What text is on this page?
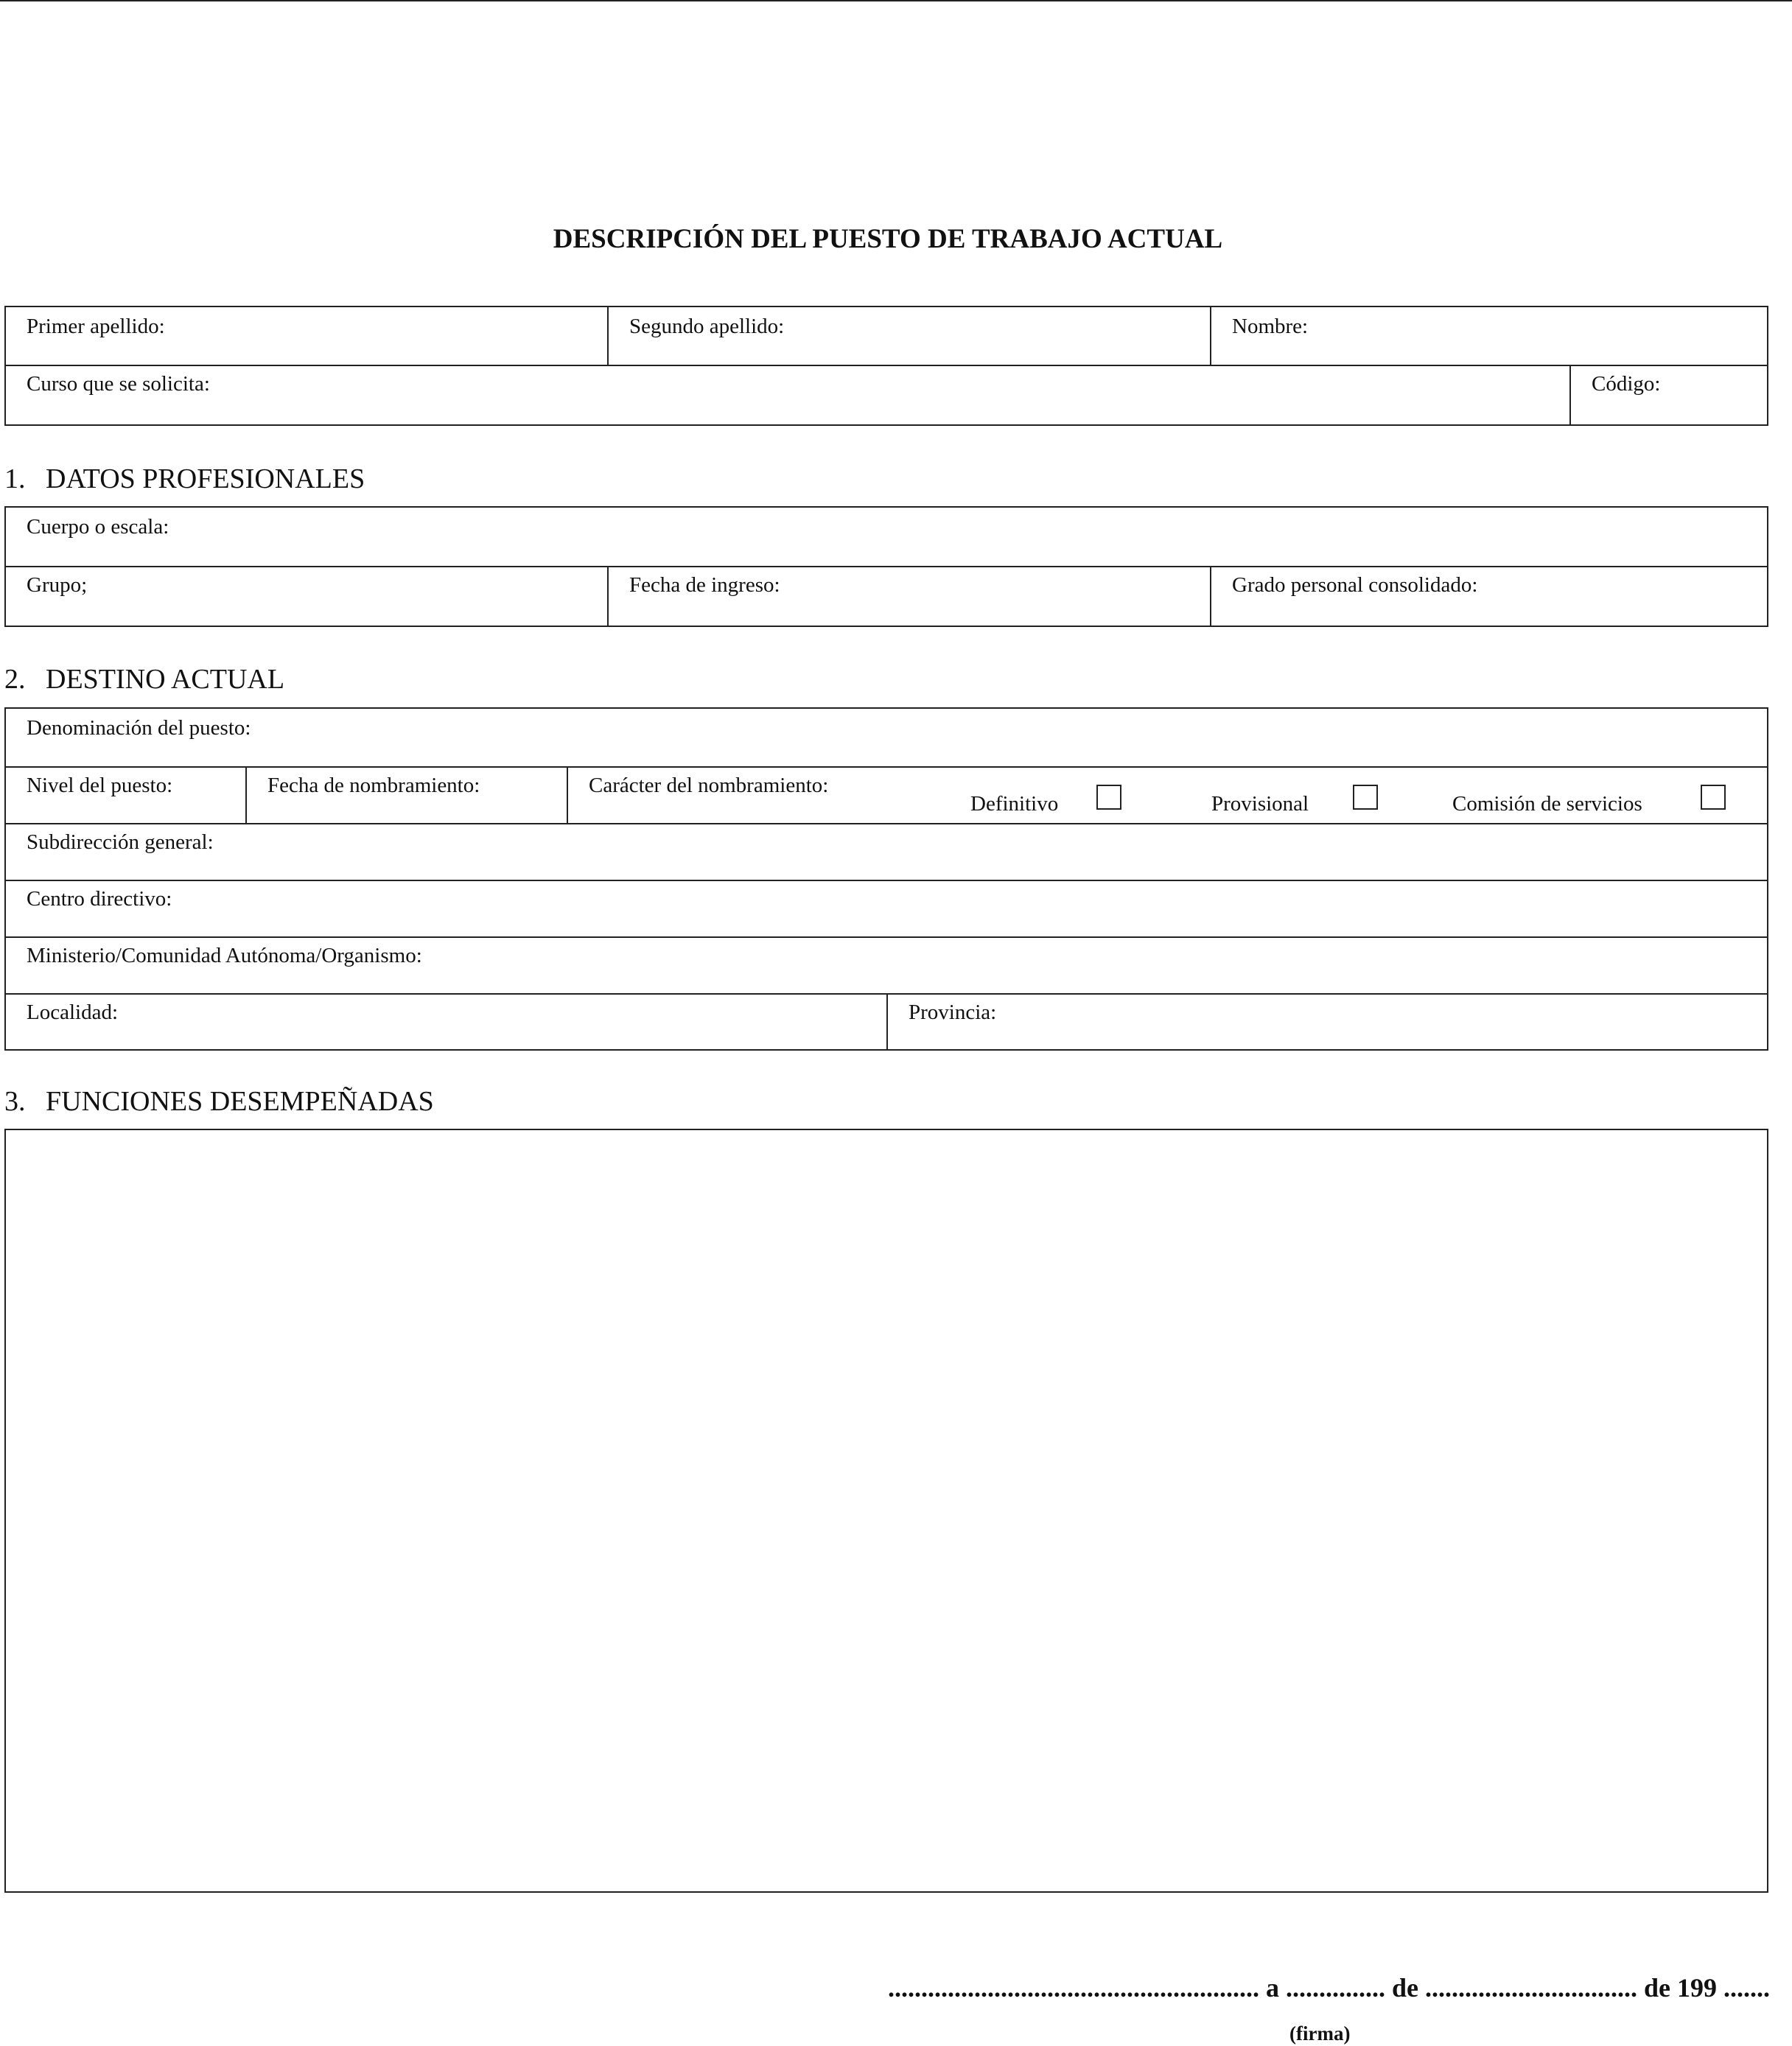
DESCRIPCIÓN DEL PUESTO DE TRABAJO ACTUAL
Primer apellido:	Segundo apellido:	Nombre:
Curso que se solicita:	Código:
1. DATOS PROFESIONALES
Cuerpo o escala:
Grupo;	Fecha de ingreso:	Grado personal consolidado:
2. DESTINO ACTUAL
Denominación del puesto:
Nivel del puesto:	Fecha de nombramiento:	Carácter del nombramiento:
Definitivo	Provisional	Comisión de servicios
Subdirección general:
Centro directivo:
Ministerio/Comunidad Autónoma/Organismo:
Localidad:	Provincia:
3. FUNCIONES DESEMPEÑADAS
........................................................ a ............... de ................................ de 199 .......
(firma)
